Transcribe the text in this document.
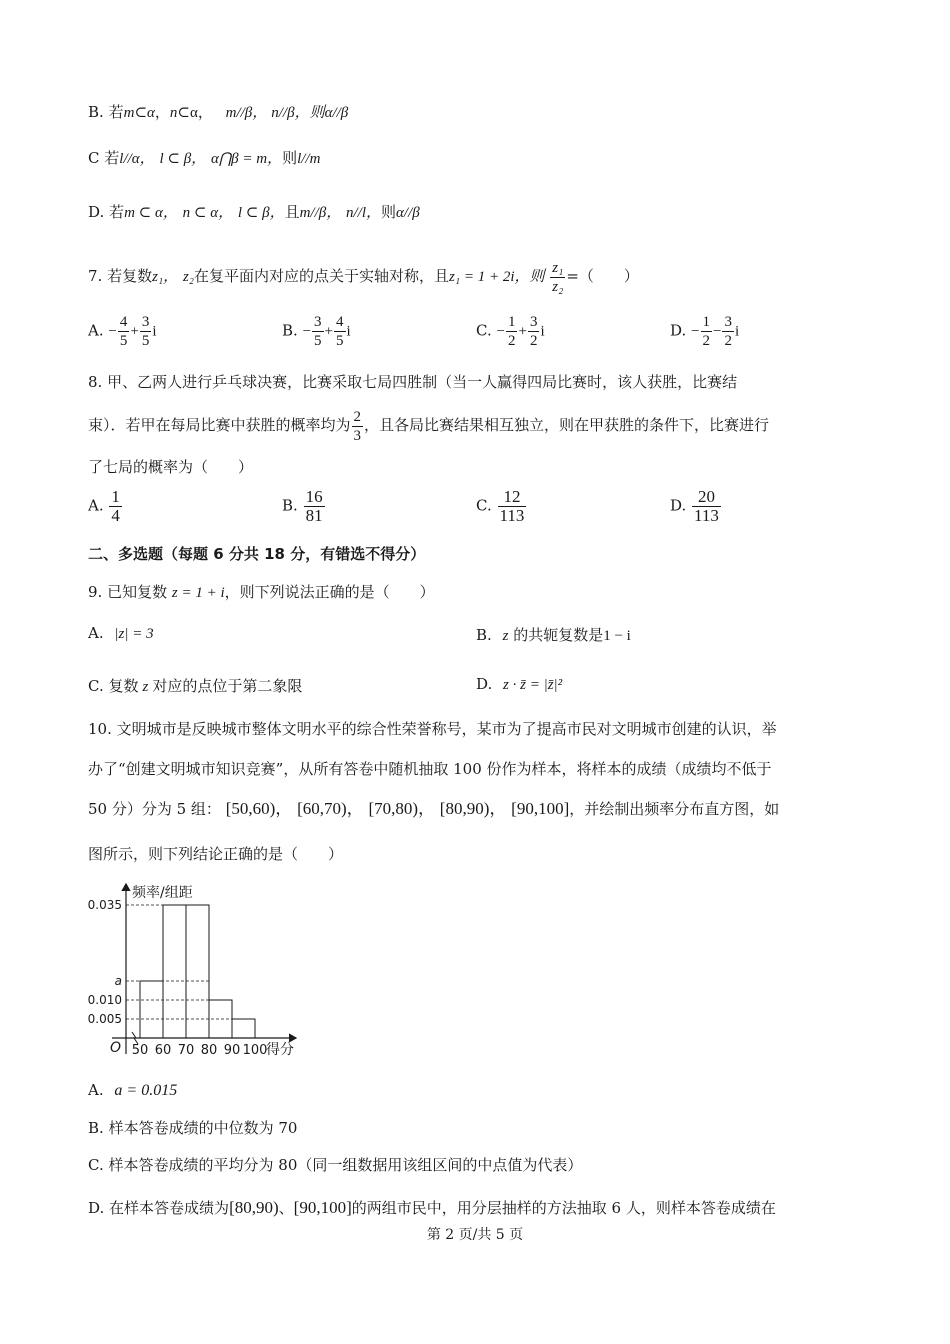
B. 若m⊂α，n⊂α， m//β， n//β，则α//β
C 若l//α， l ⊂ β， α⋂β = m，则l//m
D. 若m ⊂ α， n ⊂ α， l ⊂ β，且m//β， n//l，则α//β
7. 若复数z₁， z₂在复平面内对应的点关于实轴对称，且z₁ = 1 + 2i，则 $\frac{\text{z₁}}{\text{z₂}}$ =（　　）
A. − $\frac{4}{5} + \frac{3}{5}$ i	B. − $\frac{3}{5} + \frac{4}{5}$ i	C. − $\frac{1}{2} + \frac{3}{2}$ i	D. − $\frac{1}{2} - \frac{3}{2}$ i
8. 甲、乙两人进行乒乓球决赛，比赛采取七局四胜制（当一人赢得四局比赛时，该人获胜，比赛结
束）．若甲在每局比赛中获胜的概率均为 $\frac{2}{3}$ ，且各局比赛结果相互独立，则在甲获胜的条件下，比赛进行
了七局的概率为（　　）
A. $\frac{1}{4}$	B. $\frac{16}{81}$	C. $\frac{12}{113}$	D. $\frac{20}{113}$
二、多选题（每题 6 分共 18 分，有错选不得分）
9. 已知复数 z = 1 + i，则下列说法正确的是（　　）
A. |z| = 3	B. z 的共轭复数是1 − i
C. 复数 z 对应的点位于第二象限	D. z · z̄ = |z̄|²
10. 文明城市是反映城市整体文明水平的综合性荣誉称号，某市为了提高市民对文明城市创建的认识，举
办了“创建文明城市知识竞赛”，从所有答卷中随机抽取 100 份作为样本，将样本的成绩（成绩均不低于
50 分）分为 5 组： [50,60)， [60,70)， [70,80)， [80,90)， [90,100]，并绘制出频率分布直方图，如
图所示，则下列结论正确的是（　　）
频率/组距
得分
O
0.035
a
0.010
0.005
50 60 70 80 90 100
A. a = 0.015
B. 样本答卷成绩的中位数为 70
C. 样本答卷成绩的平均分为 80（同一组数据用该组区间的中点值为代表）
D. 在样本答卷成绩为[80,90)、[90,100]的两组市民中，用分层抽样的方法抽取 6 人，则样本答卷成绩在
第 2 页/共 5 页
